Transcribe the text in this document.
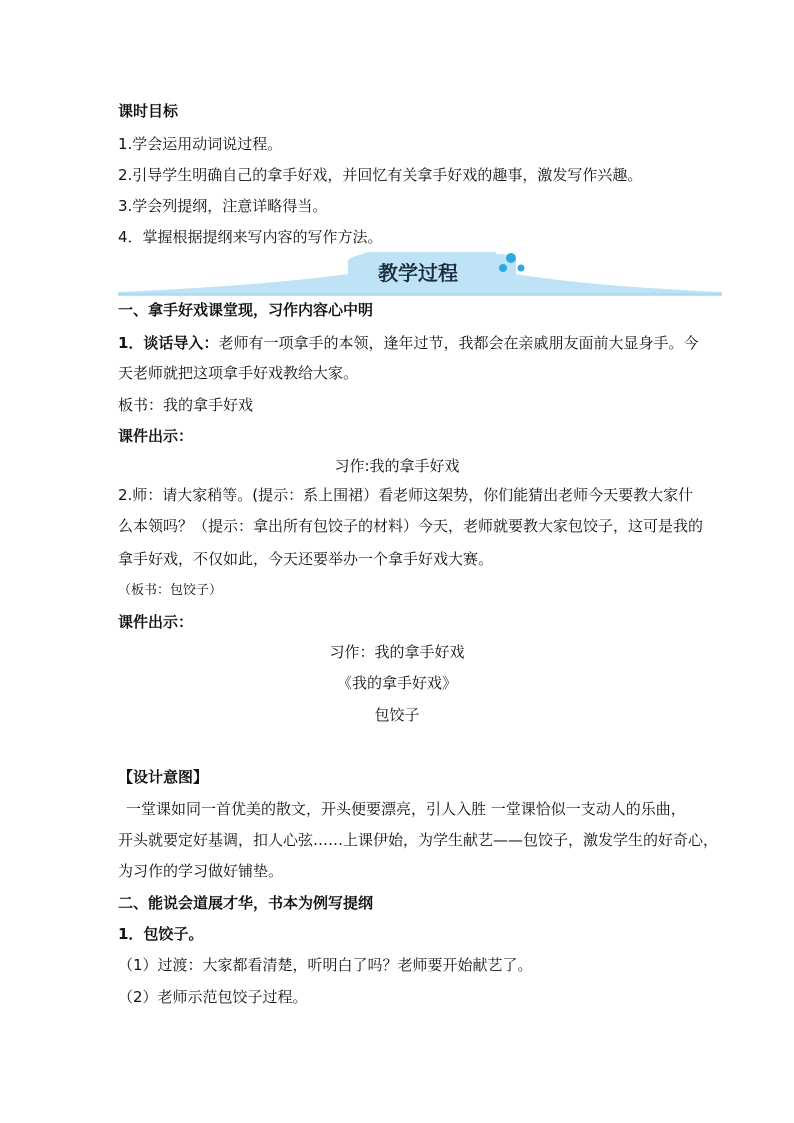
课时目标
1.学会运用动词说过程。
2.引导学生明确自己的拿手好戏，并回忆有关拿手好戏的趣事，激发写作兴趣。
3.学会列提纲，注意详略得当。
4．掌握根据提纲来写内容的写作方法。
教学过程
一、拿手好戏课堂现，习作内容心中明
1．谈话导入：老师有一项拿手的本领，逢年过节，我都会在亲戚朋友面前大显身手。今
天老师就把这项拿手好戏教给大家。
板书：我的拿手好戏
课件出示：
习作:我的拿手好戏
2.师：请大家稍等。(提示：系上围裙）看老师这架势，你们能猜出老师今天要教大家什
么本领吗？（提示：拿出所有包饺子的材料）今天，老师就要教大家包饺子，这可是我的
拿手好戏，不仅如此，今天还要举办一个拿手好戏大赛。
（板书：包饺子）
课件出示：
习作：我的拿手好戏
《我的拿手好戏》
包饺子
【设计意图】
一堂课如同一首优美的散文，开头便要漂亮，引人入胜 一堂课恰似一支动人的乐曲，
开头就要定好基调，扣人心弦……上课伊始，为学生献艺——包饺子，激发学生的好奇心，
为习作的学习做好铺垫。
二、能说会道展才华，书本为例写提纲
1．包饺子。
（1）过渡：大家都看清楚，听明白了吗？老师要开始献艺了。
（2）老师示范包饺子过程。
